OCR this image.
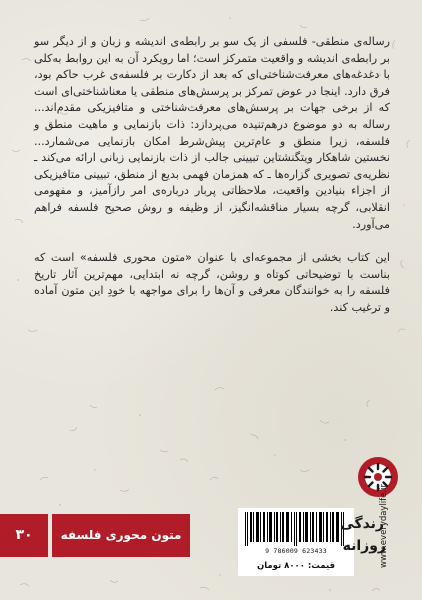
رساله‌ی منطقی- فلسفی از یک سو بر رابطه‌ی اندیشه و زبان و از دیگر سو بر رابطه‌ی اندیشه و واقعیت متمرکز است؛ اما رویکرد آن به این روابط به‌کلی با دغدغه‌های معرفت‌شناختی‌ای که بعد از دکارت بر فلسفه‌ی غرب حاکم بود، فرق دارد. اینجا در عوض تمرکز بر پرسش‌های منطقی یا معناشناختی‌ای است که از برخی جهات بر پرسش‌های معرفت‌شناختی و متافیزیکی مقدم‌اند... رساله به دو موضوع درهم‌تنیده می‌پردازد: ذات بازنمایی و ماهیت منطق و فلسفه، زیرا منطق و عام‌ترین پیش‌شرط امکان بازنمایی می‌شمارد... نخستین شاهکار ویتگنشتاین تبیینی جالب از ذات بازنمایی زبانی ارائه می‌کند ـ نظریه‌ی تصویری گزاره‌ها ـ که همزمان فهمی بدیع از منطق، تبیینی متافیزیکی از اجزاء بنیادین واقعیت، ملاحظاتی پربار درباره‌ی امر رازآمیز، و مفهومی انقلابی، گرچه بسیار مناقشه‌انگیز، از وظیفه و روش صحیح فلسفه فراهم می‌آورد.

این کتاب بخشی از مجموعه‌ای با عنوان «متون محوری فلسفه» است که بناست با توضیحاتی کوتاه و روشن، گرچه نه ابتدایی، مهم‌ترین آثار تاریخ فلسفه را به خوانندگان معرفی و آن‌ها را برای مواجهه با خودِ این متون آماده و ترغیب کند.

۳۰	متون محوری فلسفه
9 786009 623433
قیمت: ۸۰۰۰ تومان	www.everydaylife.ir
زندگی
روزانه
